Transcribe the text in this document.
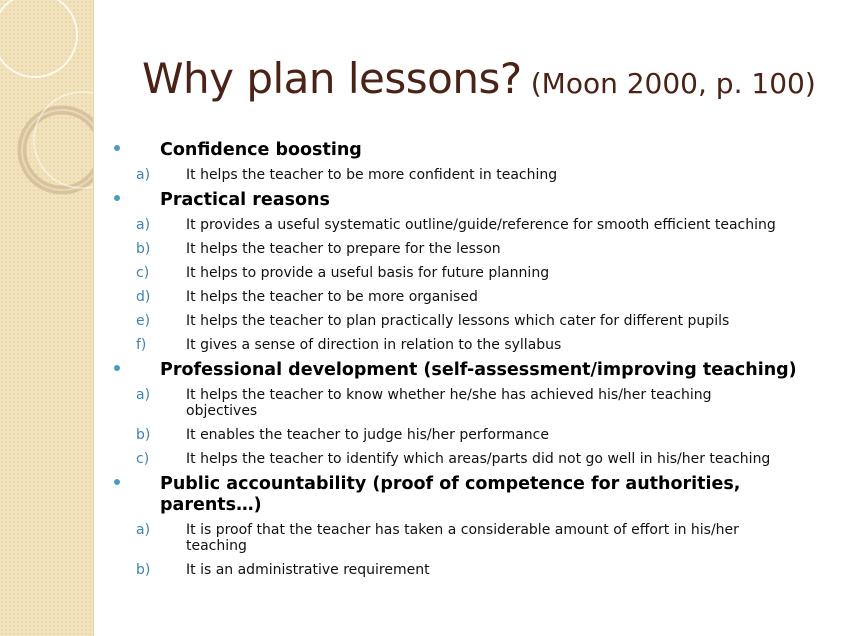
Why plan lessons? (Moon 2000, p. 100)
Confidence boosting
a)	It helps the teacher to be more confident in teaching
Practical reasons
a)	It provides a useful systematic outline/guide/reference for smooth efficient teaching
b)	It helps the teacher to prepare for the lesson
c)	It helps to provide a useful basis for future planning
d)	It helps the teacher to be more organised
e)	It helps the teacher to plan practically lessons which cater for different pupils
f)	It gives a sense of direction in relation to the syllabus
Professional development (self-assessment/improving teaching)
a)	It helps the teacher to know whether he/she has achieved his/her teaching objectives
b)	It enables the teacher to judge his/her performance
c)	It helps the teacher to identify which areas/parts did not go well in his/her teaching
Public accountability (proof of competence for authorities, parents…)
a)	It is proof that the teacher has taken a considerable amount of effort in his/her teaching
b)	It is an administrative requirement
